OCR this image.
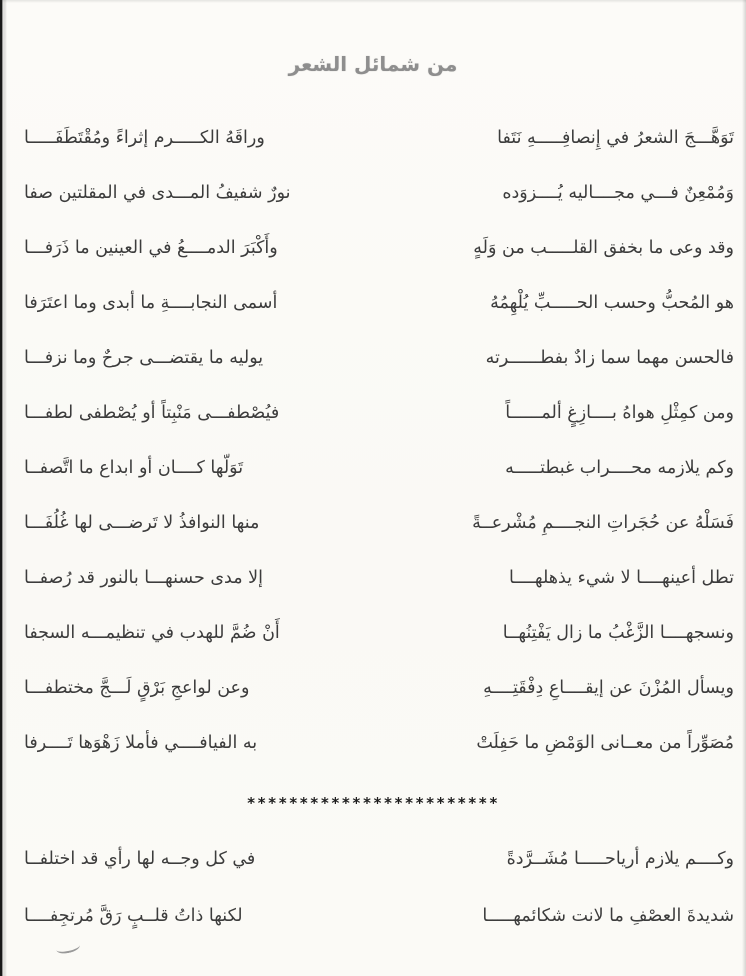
من شمائل الشعر
تَوَهَّـــجَ الشعرُ في إِنصافِـــــهِ نَتَفا
وراقَهُ الكـــــرم إثراءً ومُقْتَطَفَـــــا
وَمُمْعِنٌ فـــي مجــــاليه يُــــزوَده
نورٌ شفيفُ المـــدى في المقلتين صفا
وقد وعى ما بخفق القلـــــب من وَلَهٍ
وأَكْبَرَ الدمــــعُ في العينين ما ذَرَفـــا
هو المُحبُّ وحسب الحـــــبِّ يُلْهِمُهُ
أسمى النجابــــةِ ما أبدى وما اعتَرَفا
فالحسن مهما سما زادٌ بفطــــــرته
يوليه ما يقتضـــى جرحٌ وما نزفـــا
ومن كمِثْلِ هواهُ بــــازِغٍ ألمــــــاً
فيُصْطفـــى مَنْبِتاً أو يُصْطفى لطفـــا
وكم يلازمه محــــراب غبطتـــــه
تَوَلّها كــــان أو ابداع ما اتَّصفــا
فَسَلْهُ عن حُجَراتِ النجــــمِ مُشْرعــةً
منها النوافذُ لا تَرضـــى لها غُلُفَـــا
تطل أعينهــــا لا شيء يذهلهــــا
إلا مدى حسنهـــا بالنور قد رُصفــا
ونسجهــــا الزَّغْبُ ما زال يَفْتِنُهــا
أَنْ ضُمَّ للهدب في تنظيمـــه السجفا
ويسأل المُزْنَ عن إيقــــاعِ دِفْقَتِــــهِ
وعن لواعجِ بَرْقٍ لَـــجَّ مختطفـــا
مُصَوِّراً من معــانى الوَمْضِ ما حَفِلَتْ
به الفيافــــي فأملا زَهْوَها تَــــرفا
************************
وكــــم يلازم أرياحـــــا مُشَــرَّدةً
في كل وجــه لها رأي قد اختلفــا
شديدةَ العصْفِ ما لانت شكائمهـــــا
لكنها ذاتُ قلــبٍ رَقَّ مُرتجِفــــا
